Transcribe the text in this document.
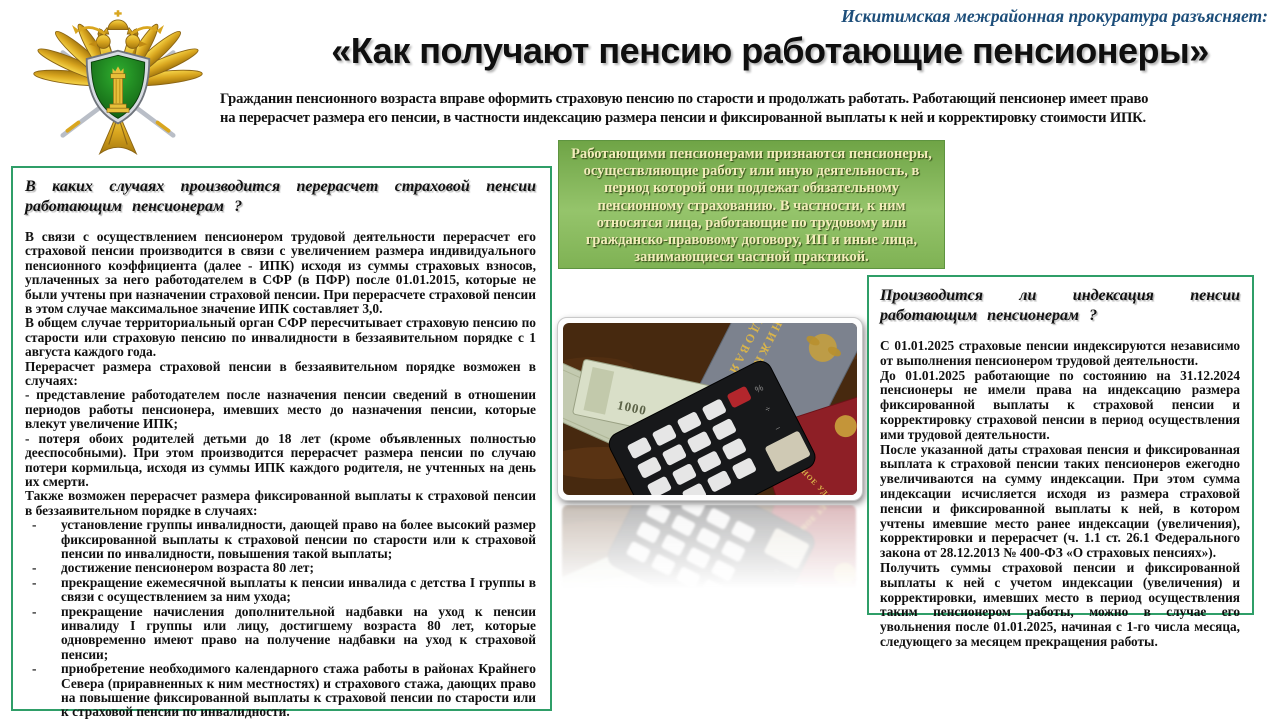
Искитимская межрайонная прокуратура разъясняет:
«Как получают пенсию работающие пенсионеры»
Гражданин пенсионного возраста вправе оформить страховую пенсию по старости и продолжать работать. Работающий пенсионер имеет право на перерасчет размера его пенсии, в частности индексацию размера пенсии и фиксированной выплаты к ней и корректировку стоимости ИПК.
В каких случаях производится перерасчет страховой пенсии работающим пенсионерам ?
В связи с осуществлением пенсионером трудовой деятельности перерасчет его страховой пенсии производится в связи с увеличением размера индивидуального пенсионного коэффициента (далее - ИПК) исходя из суммы страховых взносов, уплаченных за него работодателем в СФР (в ПФР) после 01.01.2015, которые не были учтены при назначении страховой пенсии. При перерасчете страховой пенсии в этом случае максимальное значение ИПК составляет 3,0.
В общем случае территориальный орган СФР пересчитывает страховую пенсию по старости или страховую пенсию по инвалидности в беззаявительном порядке с 1 августа каждого года.
Перерасчет размера страховой пенсии в беззаявительном порядке возможен в случаях:
- представление работодателем после назначения пенсии сведений в отношении периодов работы пенсионера, имевших место до назначения пенсии, которые влекут увеличение ИПК;
- потеря обоих родителей детьми до 18 лет (кроме объявленных полностью дееспособными). При этом производится перерасчет размера пенсии по случаю потери кормильца, исходя из суммы ИПК каждого родителя, не учтенных на день их смерти.
Также возможен перерасчет размера фиксированной выплаты к страховой пенсии в беззаявительном порядке в случаях:
- установление группы инвалидности, дающей право на более высокий размер фиксированной выплаты к страховой пенсии по старости или к страховой пенсии по инвалидности, повышения такой выплаты;
- достижение пенсионером возраста 80 лет;
- прекращение ежемесячной выплаты к пенсии инвалида с детства I группы в связи с осуществлением за ним ухода;
- прекращение начисления дополнительной надбавки на уход к пенсии инвалиду I группы или лицу, достигшему возраста 80 лет, которые одновременно имеют право на получение надбавки на уход к страховой пенсии;
- приобретение необходимого календарного стажа работы в районах Крайнего Севера (приравненных к ним местностях) и страхового стажа, дающих право на повышение фиксированной выплаты к страховой пенсии по старости или к страховой пенсии по инвалидности.
Работающими пенсионерами признаются пенсионеры, осуществляющие работу или иную деятельность, в период которой они подлежат обязательному пенсионному страхованию. В частности, к ним относятся лица, работающие по трудовому или гражданско-правовому договору, ИП и иные лица, занимающиеся частной практикой.
Производится ли индексация пенсии работающим пенсионерам ?
С 01.01.2025 страховые пенсии индексируются независимо от выполнения пенсионером трудовой деятельности.
До 01.01.2025 работающие по состоянию на 31.12.2024 пенсионеры не имели права на индексацию размера фиксированной выплаты к страховой пенсии и корректировку страховой пенсии в период осуществления ими трудовой деятельности.
После указанной даты страховая пенсия и фиксированная выплата к страховой пенсии таких пенсионеров ежегодно увеличиваются на сумму индексации. При этом сумма индексации исчисляется исходя из размера страховой пенсии и фиксированной выплаты к ней, в котором учтены имевшие место ранее индексации (увеличения), корректировки и перерасчет (ч. 1.1 ст. 26.1 Федерального закона от 28.12.2013 № 400-ФЗ «О страховых пенсиях»).
Получить суммы страховой пенсии и фиксированной выплаты к ней с учетом индексации (увеличения) и корректировки, имевших место в период осуществления таким пенсионером работы, можно в случае его увольнения после 01.01.2025, начиная с 1-го числа месяца, следующего за месяцем прекращения работы.
